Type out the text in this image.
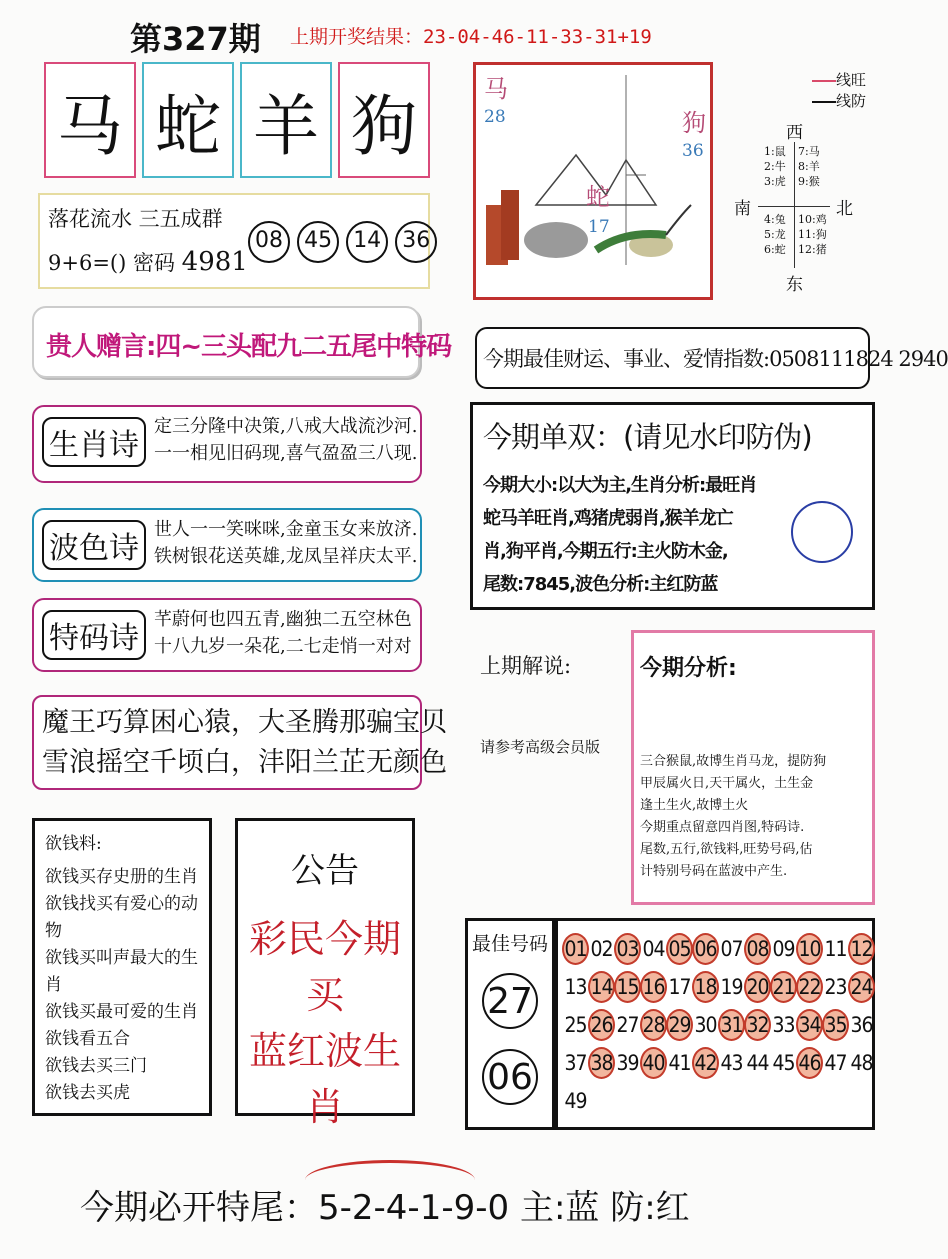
第327期 上期开奖结果：23-04-46-11-33-31+19
马 蛇 羊 狗
落花流水 三五成群
9+6=() 密码 4981
08 45 14 36
贵人赠言:四~三头配九二五尾中特码
生肖诗
定三分隆中决策,八戒大战流沙河.
一一相见旧码现,喜气盈盈三八现.
波色诗
世人一一笑咪咪,金童玉女来放济.
铁树银花送英雄,龙凤呈祥庆太平.
特码诗
芊蔚何也四五青,幽独二五空林色
十八九岁一朵花,二七走悄一对对
魔王巧算困心猿，大圣腾那骗宝贝
雪浪摇空千顷白，沣阳兰芷无颜色
欲钱料:
欲钱买存史册的生肖
欲钱找买有爱心的动物
欲钱买叫声最大的生肖
欲钱买最可爱的生肖
欲钱看五合
欲钱去买三门
欲钱去买虎
公告
彩民今期买
蓝红波生肖
马
28	狗
36
蛇
17
线旺
线防
西
东
南	北
1:鼠
2:牛
3:虎
7:马
8:羊
9:猴
4:兔
5:龙
6:蛇
10:鸡
11:狗
12:猪
今期最佳财运、事业、爱情指数:0508111824 2940
今期单双：(请见水印防伪)
今期大小:以大为主,生肖分析:最旺肖
蛇马羊旺肖,鸡猪虎弱肖,猴羊龙亡
肖,狗平肖,今期五行:主火防木金,
尾数:7845,波色分析:主红防蓝
上期解说:
请参考高级会员版
今期分析:
三合猴鼠,故博生肖马龙，提防狗
甲辰属火日,天干属火，土生金
逢土生火,故博土火
今期重点留意四肖图,特码诗.
尾数,五行,欲钱料,旺势号码,估
计特别号码在蓝波中产生.
最佳号码
27
06
01 02 03 04 05 06 07 08 09 10 11 12
13 14 15 16 17 18 19 20 21 22 23 24
25 26 27 28 29 30 31 32 33 34 35 36
37 38 39 40 41 42 43 44 45 46 47 48
49
今期必开特尾：5-2-4-1-9-0 主:蓝 防:红
